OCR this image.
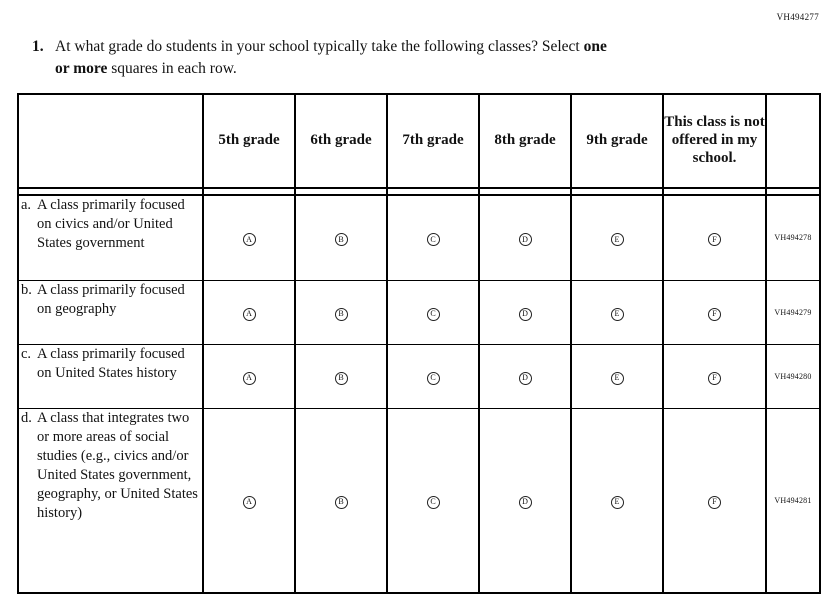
VH494277
1. At what grade do students in your school typically take the following classes? Select one
or more squares in each row.
	5th grade	6th grade	7th grade	8th grade	9th grade	This class is not offered in my school.	

a. A class primarily focused on civics and/or United States government	A	B	C	D	E	F	VH494278

b. A class primarily focused on geography	A	B	C	D	E	F	VH494279

c. A class primarily focused on United States history	A	B	C	D	E	F	VH494280

d. A class that integrates two or more areas of social studies (e.g., civics and/or United States government, geography, or United States history)	A	B	C	D	E	F	VH494281
